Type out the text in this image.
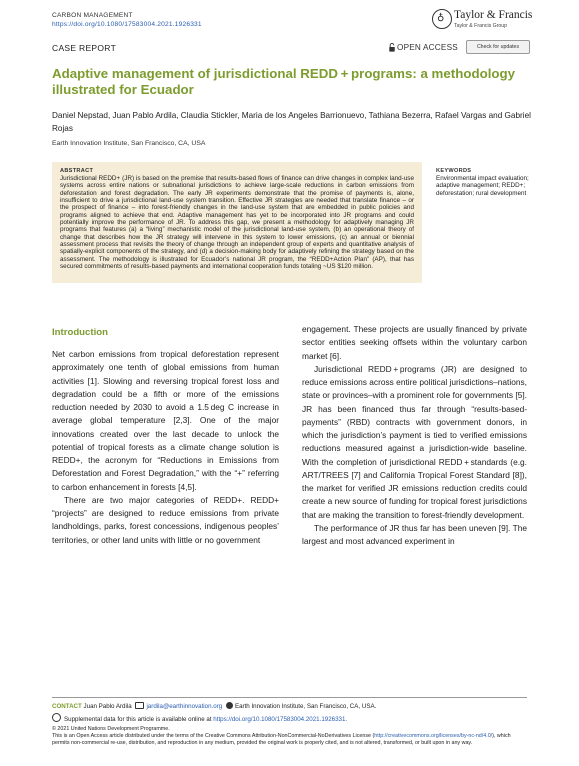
CARBON MANAGEMENT
https://doi.org/10.1080/17583004.2021.1926331
♁ Taylor & Francis
Taylor & Francis Group
CASE REPORT	OPEN ACCESS	Check for updates
Adaptive management of jurisdictional REDD + programs: a methodology illustrated for Ecuador
Daniel Nepstad, Juan Pablo Ardila, Claudia Stickler, Maria de los Angeles Barrionuevo, Tathiana Bezerra, Rafael Vargas and Gabriel Rojas
Earth Innovation Institute, San Francisco, CA, USA
ABSTRACT

Jurisdictional REDD+ (JR) is based on the premise that results-based flows of finance can drive changes in complex land-use systems across entire nations or subnational jurisdictions to achieve large-scale reductions in carbon emissions from deforestation and forest degradation. The early JR experiments demonstrate that the promise of payments is, alone, insufficient to drive a jurisdictional land-use system transition. Effective JR strategies are needed that translate finance – or the prospect of finance – into forest-friendly changes in the land-use system that are embedded in public policies and programs aligned to achieve that end. Adaptive management has yet to be incorporated into JR programs and could potentially improve the performance of JR. To address this gap, we present a methodology for adaptively managing JR programs that features (a) a “living” mechanistic model of the jurisdictional land-use system, (b) an operational theory of change that describes how the JR strategy will intervene in this system to lower emissions, (c) an annual or biennial assessment process that revisits the theory of change through an independent group of experts and quantitative analysis of spatially-explicit components of the strategy, and (d) a decision-making body for adaptively refining the strategy based on the assessment. The methodology is illustrated for Ecuador’s national JR program, the “REDD+Action Plan” (AP), that has secured commitments of results-based payments and international cooperation funds totaling ~US $120 million.

KEYWORDS

Environmental impact evaluation; adaptive management; REDD+; deforestation; rural development

Introduction

Net carbon emissions from tropical deforestation represent approximately one tenth of global emissions from human activities [1]. Slowing and reversing tropical forest loss and degradation could be a fifth or more of the emissions reduction needed by 2030 to avoid a 1.5 deg C increase in average global temperature [2,3]. One of the major innovations created over the last decade to unlock the potential of tropical forests as a climate change solution is REDD+, the acronym for “Reductions in Emissions from Deforestation and Forest Degradation,” with the “+” referring to carbon enhancement in forests [4,5].

There are two major categories of REDD+. REDD+ “projects” are designed to reduce emissions from private landholdings, parks, forest concessions, indigenous peoples’ territories, or other land units with little or no government

engagement. These projects are usually financed by private sector entities seeking offsets within the voluntary carbon market [6].

Jurisdictional REDD + programs (JR) are designed to reduce emissions across entire political jurisdictions–nations, state or provinces–with a prominent role for governments [5]. JR has been financed thus far through “results-based-payments” (RBD) contracts with government donors, in which the jurisdiction’s payment is tied to verified emissions reductions measured against a jurisdiction-wide baseline. With the completion of jurisdictional REDD + standards (e.g. ART/TREES [7] and California Tropical Forest Standard [8]), the market for verified JR emissions reduction credits could create a new source of funding for tropical forest jurisdictions that are making the transition to forest-friendly development.

The performance of JR thus far has been uneven [9]. The largest and most advanced experiment in

CONTACT Juan Pablo Ardila jardila@earthinnovation.org Earth Innovation Institute, San Francisco, CA, USA.
Supplemental data for this article is available online at https://doi.org/10.1080/17583004.2021.1926331.
© 2021 United Nations Development Programme.
This is an Open Access article distributed under the terms of the Creative Commons Attribution-NonCommercial-NoDerivatives License (http://creativecommons.org/licenses/by-nc-nd/4.0/), which permits non-commercial re-use, distribution, and reproduction in any medium, provided the original work is properly cited, and is not altered, transformed, or built upon in any way.
